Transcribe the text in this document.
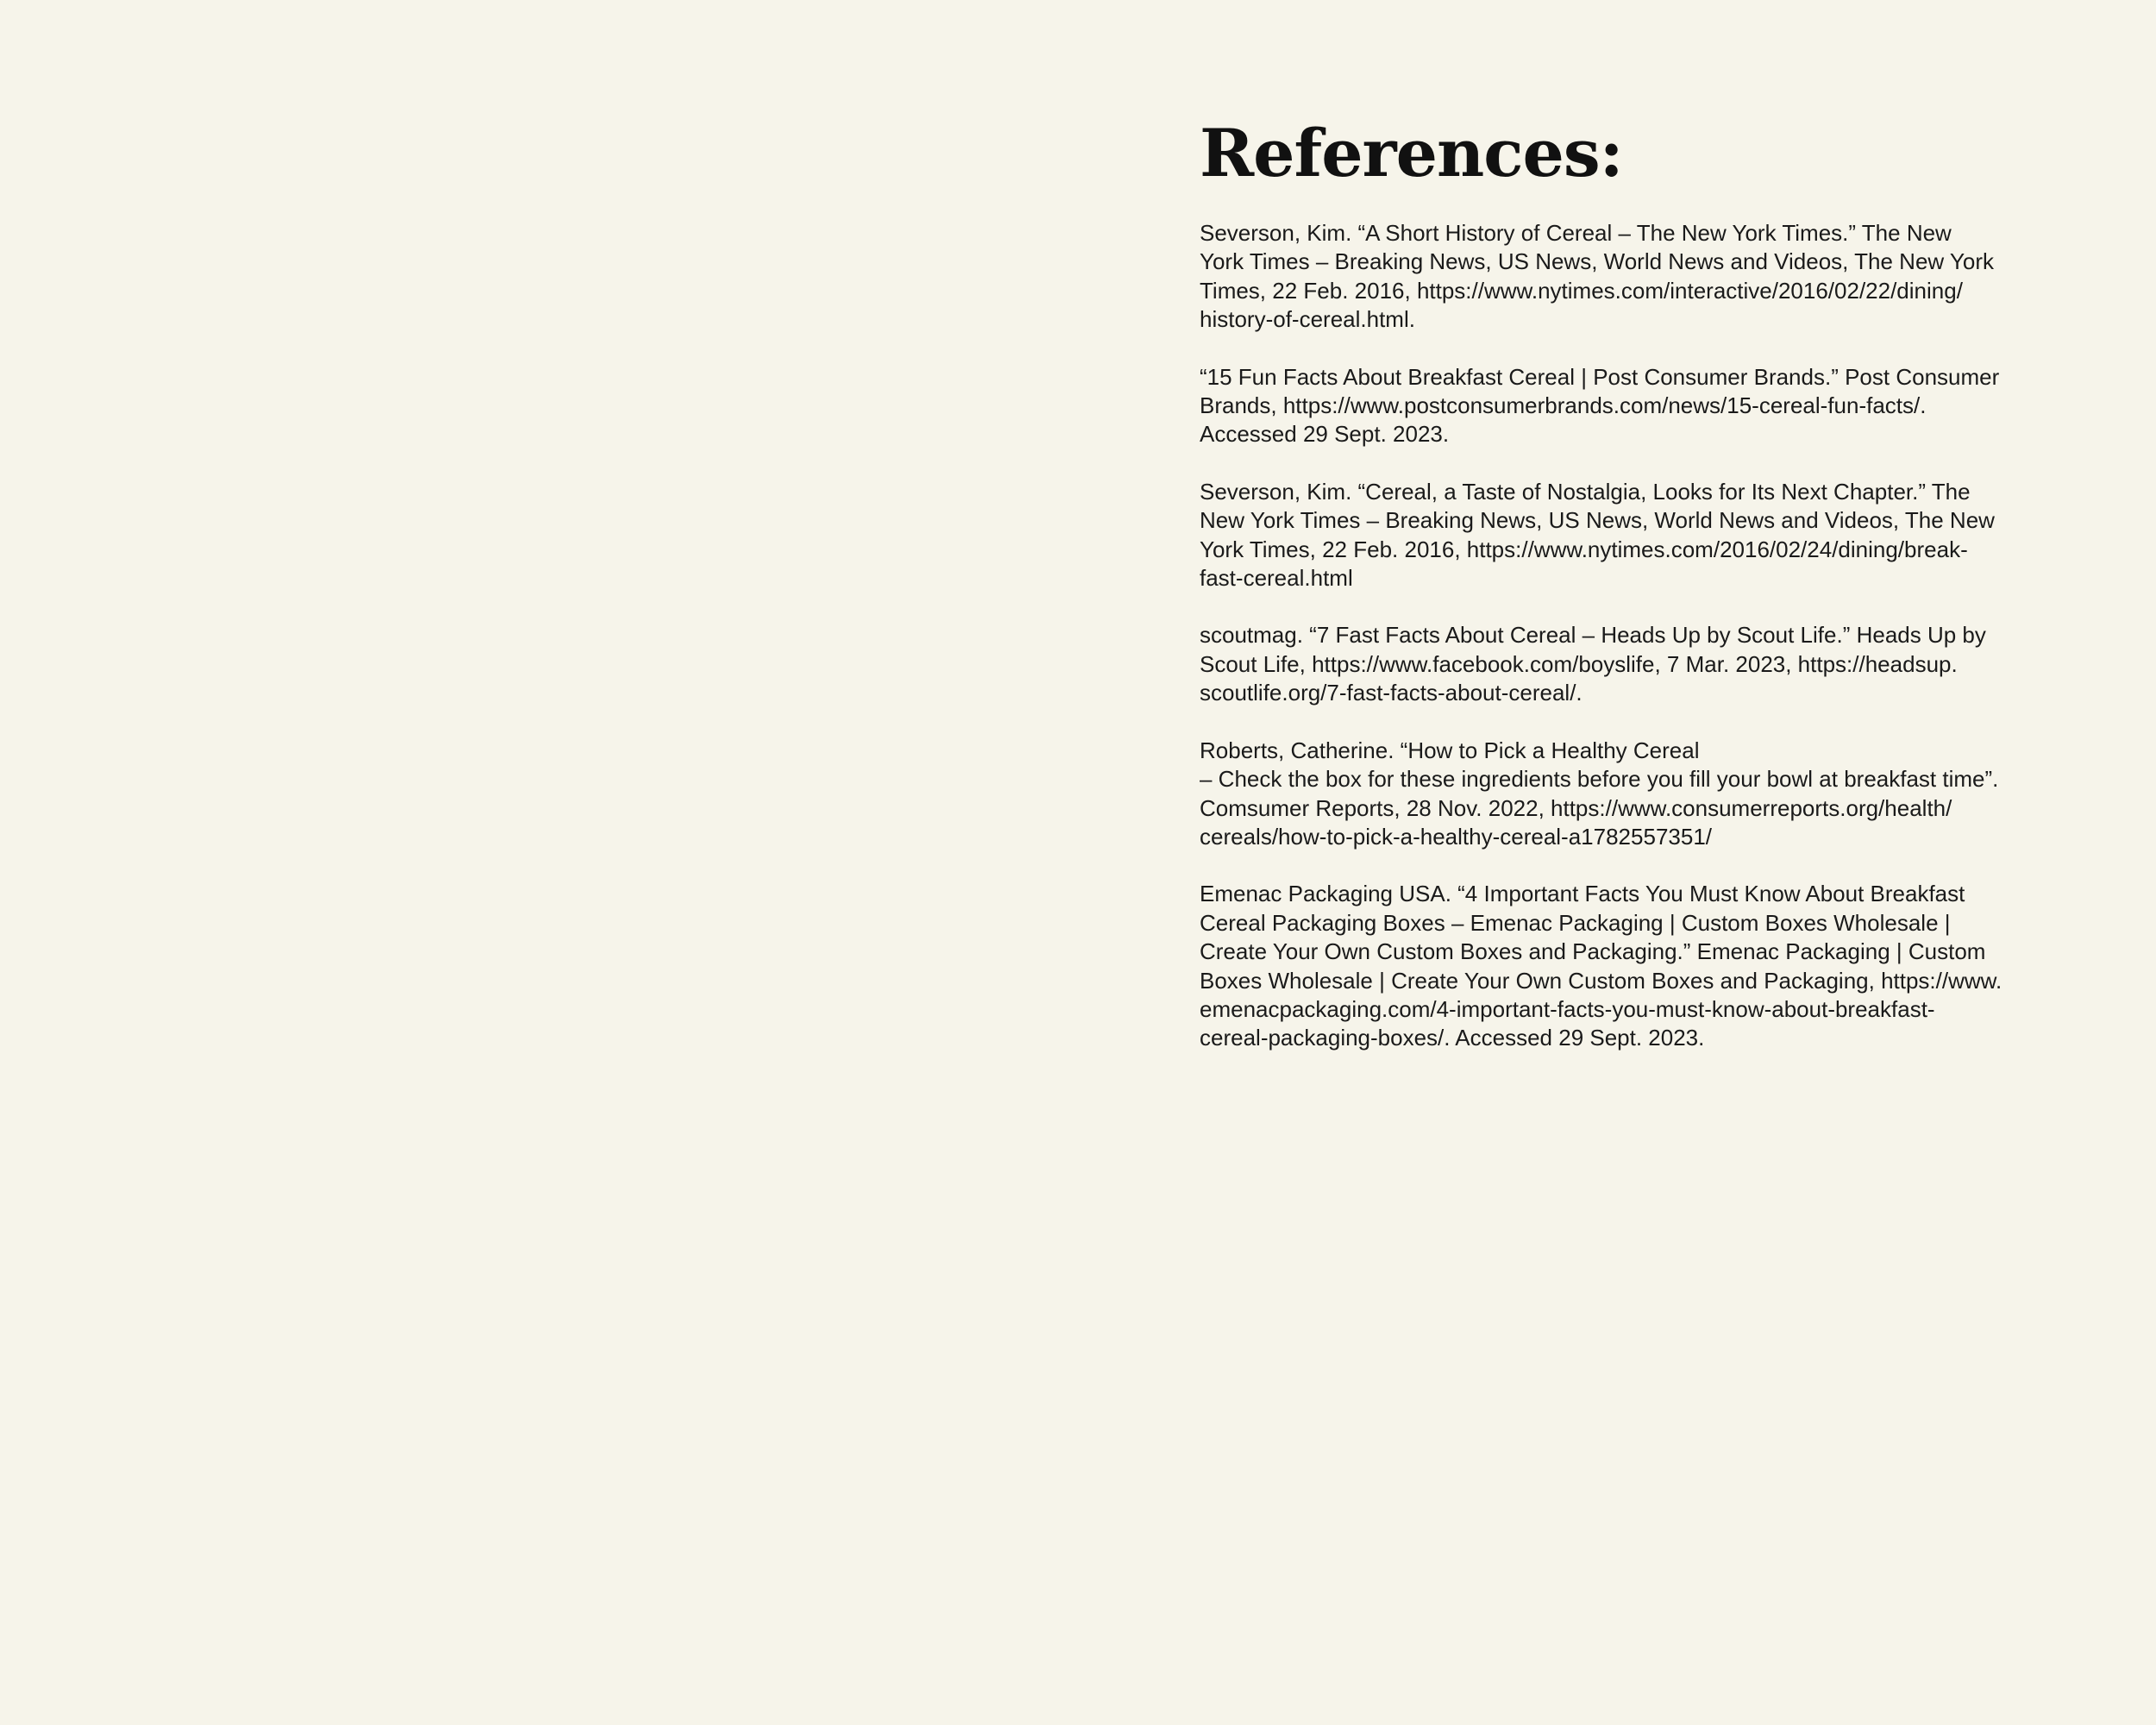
References:
Severson, Kim. “A Short History of Cereal – The New York Times.” The New
York Times – Breaking News, US News, World News and Videos, The New York
Times, 22 Feb. 2016, https://www.nytimes.com/interactive/2016/02/22/dining/
history-of-cereal.html.
“15 Fun Facts About Breakfast Cereal | Post Consumer Brands.” Post Consumer
Brands, https://www.postconsumerbrands.com/news/15-cereal-fun-facts/.
Accessed 29 Sept. 2023.
Severson, Kim. “Cereal, a Taste of Nostalgia, Looks for Its Next Chapter.” The
New York Times – Breaking News, US News, World News and Videos, The New
York Times, 22 Feb. 2016, https://www.nytimes.com/2016/02/24/dining/break-
fast-cereal.html
scoutmag. “7 Fast Facts About Cereal – Heads Up by Scout Life.” Heads Up by
Scout Life, https://www.facebook.com/boyslife, 7 Mar. 2023, https://headsup.
scoutlife.org/7-fast-facts-about-cereal/.
Roberts, Catherine. “How to Pick a Healthy Cereal
– Check the box for these ingredients before you fill your bowl at breakfast time”.
Comsumer Reports, 28 Nov. 2022, https://www.consumerreports.org/health/
cereals/how-to-pick-a-healthy-cereal-a1782557351/
Emenac Packaging USA. “4 Important Facts You Must Know About Breakfast
Cereal Packaging Boxes – Emenac Packaging | Custom Boxes Wholesale |
Create Your Own Custom Boxes and Packaging.” Emenac Packaging | Custom
Boxes Wholesale | Create Your Own Custom Boxes and Packaging, https://www.
emenacpackaging.com/4-important-facts-you-must-know-about-breakfast-
cereal-packaging-boxes/. Accessed 29 Sept. 2023.
